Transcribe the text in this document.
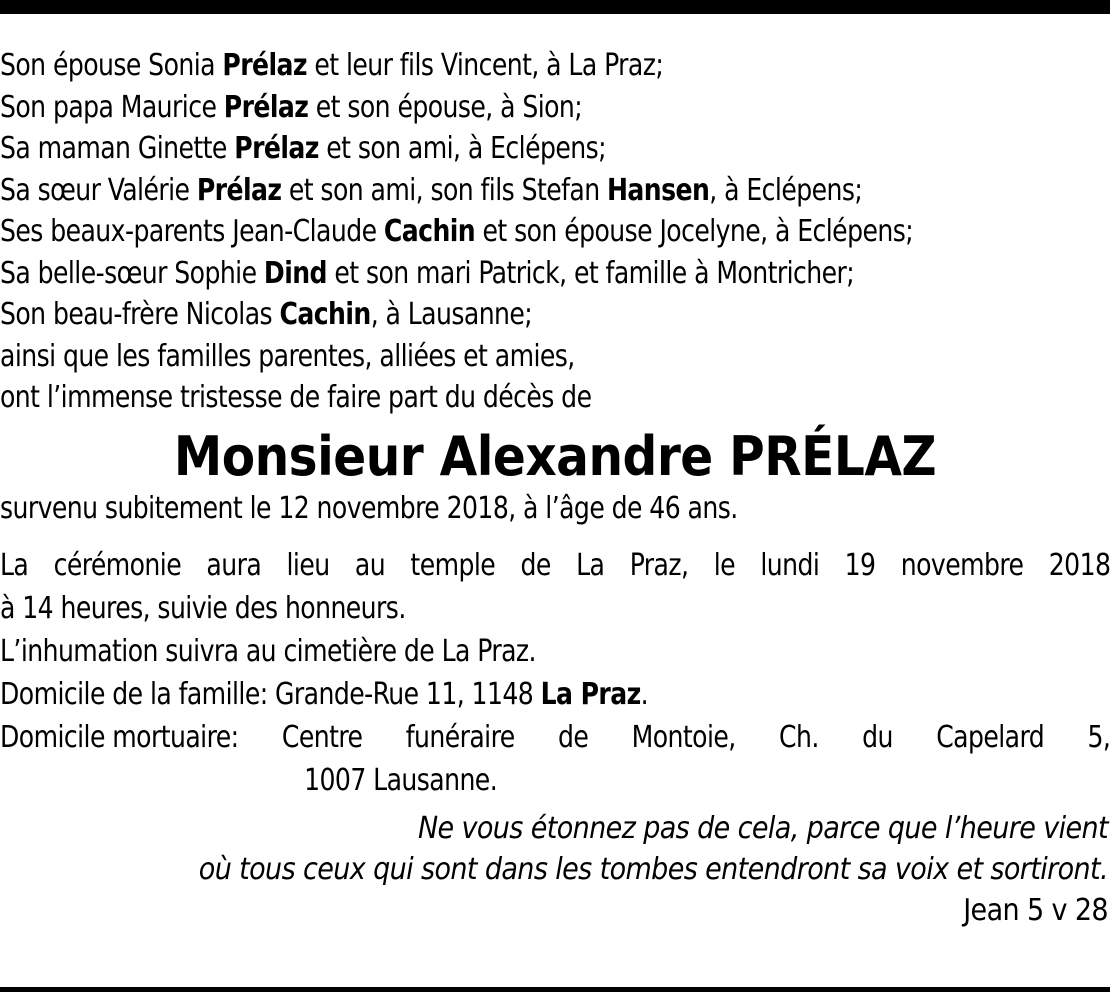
Son épouse Sonia Prélaz et leur fils Vincent, à La Praz;
Son papa Maurice Prélaz et son épouse, à Sion;
Sa maman Ginette Prélaz et son ami, à Eclépens;
Sa sœur Valérie Prélaz et son ami, son fils Stefan Hansen, à Eclépens;
Ses beaux-parents Jean-Claude Cachin et son épouse Jocelyne, à Eclépens;
Sa belle-sœur Sophie Dind et son mari Patrick, et famille à Montricher;
Son beau-frère Nicolas Cachin, à Lausanne;
ainsi que les familles parentes, alliées et amies,
ont l’immense tristesse de faire part du décès de
Monsieur Alexandre PRÉLAZ
survenu subitement le 12 novembre 2018, à l’âge de 46 ans.
La cérémonie aura lieu au temple de La Praz, le lundi 19 novembre 2018
à 14 heures, suivie des honneurs.
L’inhumation suivra au cimetière de La Praz.
Domicile de la famille: Grande-Rue 11, 1148 La Praz.
Domicile mortuaire: Centre funéraire de Montoie, Ch. du Capelard 5,
1007 Lausanne.
Ne vous étonnez pas de cela, parce que l’heure vient
où tous ceux qui sont dans les tombes entendront sa voix et sortiront.
Jean 5 v 28
